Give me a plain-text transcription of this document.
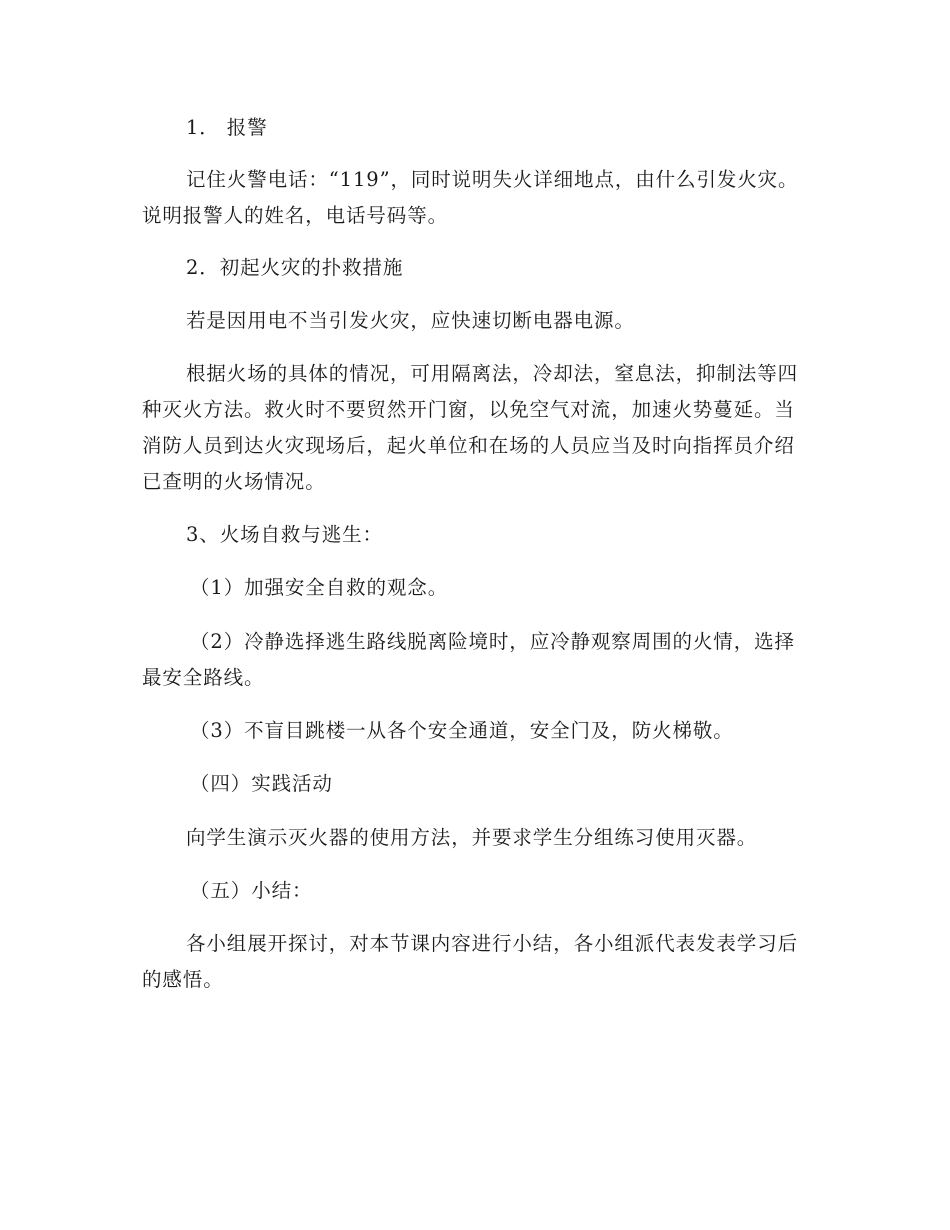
1． 报警

记住火警电话：“119”，同时说明失火详细地点，由什么引发火灾。说明报警人的姓名，电话号码等。

2．初起火灾的扑救措施

若是因用电不当引发火灾，应快速切断电器电源。

根据火场的具体的情况，可用隔离法，冷却法，窒息法，抑制法等四种灭火方法。救火时不要贸然开门窗，以免空气对流，加速火势蔓延。当消防人员到达火灾现场后，起火单位和在场的人员应当及时向指挥员介绍已查明的火场情况。

3、火场自救与逃生：

（1）加强安全自救的观念。

（2）冷静选择逃生路线脱离险境时，应冷静观察周围的火情，选择最安全路线。

（3）不盲目跳楼一从各个安全通道，安全门及，防火梯敬。

（四）实践活动

向学生演示灭火器的使用方法，并要求学生分组练习使用灭器。

（五）小结：

各小组展开探讨，对本节课内容进行小结，各小组派代表发表学习后的感悟。
